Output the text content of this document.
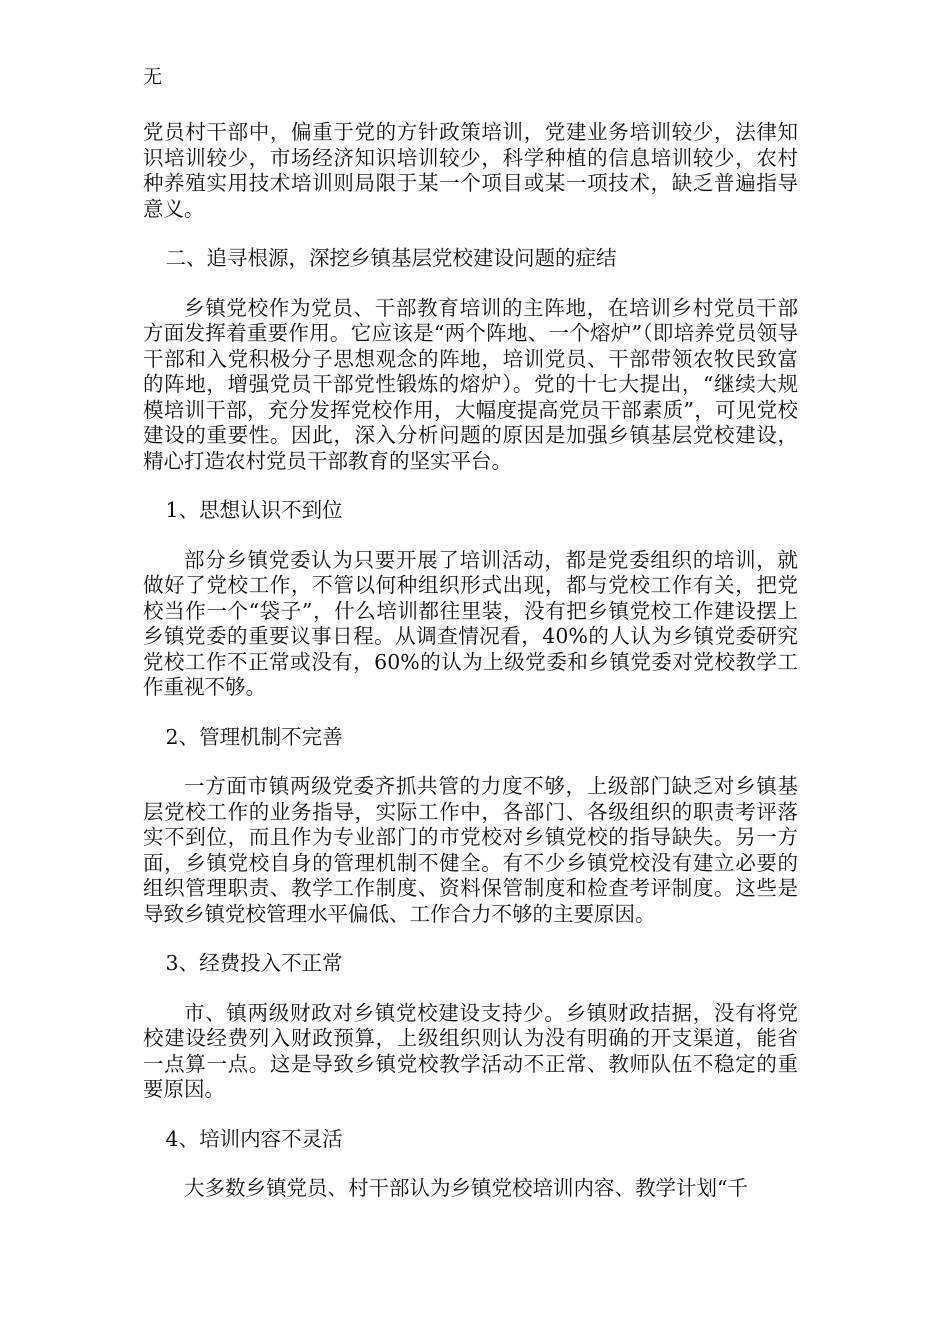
无

党员村干部中，偏重于党的方针政策培训，党建业务培训较少，法律知识培训较少，市场经济知识培训较少，科学种植的信息培训较少，农村种养殖实用技术培训则局限于某一个项目或某一项技术，缺乏普遍指导意义。

二、追寻根源，深挖乡镇基层党校建设问题的症结

乡镇党校作为党员、干部教育培训的主阵地，在培训乡村党员干部方面发挥着重要作用。它应该是“两个阵地、一个熔炉”（即培养党员领导干部和入党积极分子思想观念的阵地，培训党员、干部带领农牧民致富的阵地，增强党员干部党性锻炼的熔炉）。党的十七大提出，“继续大规模培训干部，充分发挥党校作用，大幅度提高党员干部素质”，可见党校建设的重要性。因此，深入分析问题的原因是加强乡镇基层党校建设，精心打造农村党员干部教育的坚实平台。

1、思想认识不到位

部分乡镇党委认为只要开展了培训活动，都是党委组织的培训，就做好了党校工作，不管以何种组织形式出现，都与党校工作有关，把党校当作一个“袋子”，什么培训都往里装，没有把乡镇党校工作建设摆上乡镇党委的重要议事日程。从调查情况看，40%的人认为乡镇党委研究党校工作不正常或没有，60%的认为上级党委和乡镇党委对党校教学工作重视不够。

2、管理机制不完善

一方面市镇两级党委齐抓共管的力度不够，上级部门缺乏对乡镇基层党校工作的业务指导，实际工作中，各部门、各级组织的职责考评落实不到位，而且作为专业部门的市党校对乡镇党校的指导缺失。另一方面，乡镇党校自身的管理机制不健全。有不少乡镇党校没有建立必要的组织管理职责、教学工作制度、资料保管制度和检查考评制度。这些是导致乡镇党校管理水平偏低、工作合力不够的主要原因。

3、经费投入不正常

市、镇两级财政对乡镇党校建设支持少。乡镇财政拮据，没有将党校建设经费列入财政预算，上级组织则认为没有明确的开支渠道，能省一点算一点。这是导致乡镇党校教学活动不正常、教师队伍不稳定的重要原因。

4、培训内容不灵活

大多数乡镇党员、村干部认为乡镇党校培训内容、教学计划“千
